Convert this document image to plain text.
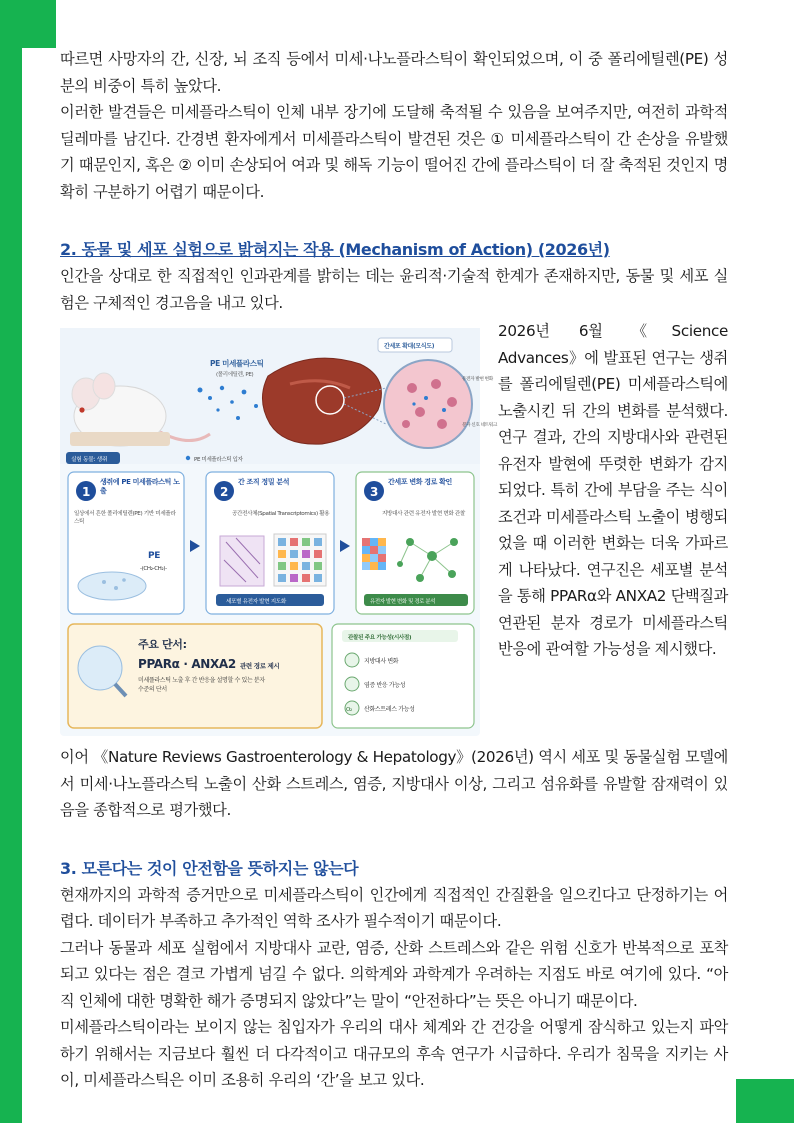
따르면 사망자의 간, 신장, 뇌 조직 등에서 미세·나노플라스틱이 확인되었으며, 이 중 폴리에틸렌(PE) 성분의 비중이 특히 높았다.

이러한 발견들은 미세플라스틱이 인체 내부 장기에 도달해 축적될 수 있음을 보여주지만, 여전히 과학적 딜레마를 남긴다. 간경변 환자에게서 미세플라스틱이 발견된 것은 ① 미세플라스틱이 간 손상을 유발했기 때문인지, 혹은 ② 이미 손상되어 여과 및 해독 기능이 떨어진 간에 플라스틱이 더 잘 축적된 것인지 명확히 구분하기 어렵기 때문이다.

2. 동물 및 세포 실험으로 밝혀지는 작용 (Mechanism of Action) (2026년)

인간을 상대로 한 직접적인 인과관계를 밝히는 데는 윤리적·기술적 한계가 존재하지만, 동물 및 세포 실험은 구체적인 경고음을 내고 있다.

PE 미세플라스틱
(폴리에틸렌, PE)
간세포 확대(모식도)
유전자 발현 변화
분자 신호 네트워크
실험 동물: 생쥐	PE 미세플라스틱 입자
1
생쥐에 PE 미세플라스틱 노출
일상에서 흔한 폴리에틸렌(PE) 기반 미세플라스틱
PE
-(CH₂-CH₂)-
2
간 조직 정밀 분석
공간전사체(Spatial Transcriptomics) 활용
세포별 유전자 발현 지도화
3
간세포 변화 경로 확인
지방대사 관련 유전자 발현 변화 관찰
유전자 발현 변화 및 경로 분석
주요 단서:
PPARα · ANXA2 관련 경로 제시
미세플라스틱 노출 후 간 반응을 설명할 수 있는 분자 수준의 단서
관찰된 주요 가능성(시사점)
지방대사 변화
염증 반응 가능성
O₂ 산화스트레스 가능성
2026년 6월 《Science Advances》에 발표된 연구는 생쥐를 폴리에틸렌(PE) 미세플라스틱에 노출시킨 뒤 간의 변화를 분석했다. 연구 결과, 간의 지방대사와 관련된 유전자 발현에 뚜렷한 변화가 감지되었다. 특히 간에 부담을 주는 식이 조건과 미세플라스틱 노출이 병행되었을 때 이러한 변화는 더욱 가파르게 나타났다. 연구진은 세포별 분석을 통해 PPARα와 ANXA2 단백질과 연관된 분자 경로가 미세플라스틱 반응에 관여할 가능성을 제시했다.

이어 《Nature Reviews Gastroenterology & Hepatology》(2026년) 역시 세포 및 동물실험 모델에서 미세·나노플라스틱 노출이 산화 스트레스, 염증, 지방대사 이상, 그리고 섬유화를 유발할 잠재력이 있음을 종합적으로 평가했다.

3. 모른다는 것이 안전함을 뜻하지는 않는다

현재까지의 과학적 증거만으로 미세플라스틱이 인간에게 직접적인 간질환을 일으킨다고 단정하기는 어렵다. 데이터가 부족하고 추가적인 역학 조사가 필수적이기 때문이다.

그러나 동물과 세포 실험에서 지방대사 교란, 염증, 산화 스트레스와 같은 위험 신호가 반복적으로 포착되고 있다는 점은 결코 가볍게 넘길 수 없다. 의학계와 과학계가 우려하는 지점도 바로 여기에 있다. “아직 인체에 대한 명확한 해가 증명되지 않았다”는 말이 “안전하다”는 뜻은 아니기 때문이다.

미세플라스틱이라는 보이지 않는 침입자가 우리의 대사 체계와 간 건강을 어떻게 잠식하고 있는지 파악하기 위해서는 지금보다 훨씬 더 다각적이고 대규모의 후속 연구가 시급하다. 우리가 침묵을 지키는 사이, 미세플라스틱은 이미 조용히 우리의 ‘간’을 보고 있다.
